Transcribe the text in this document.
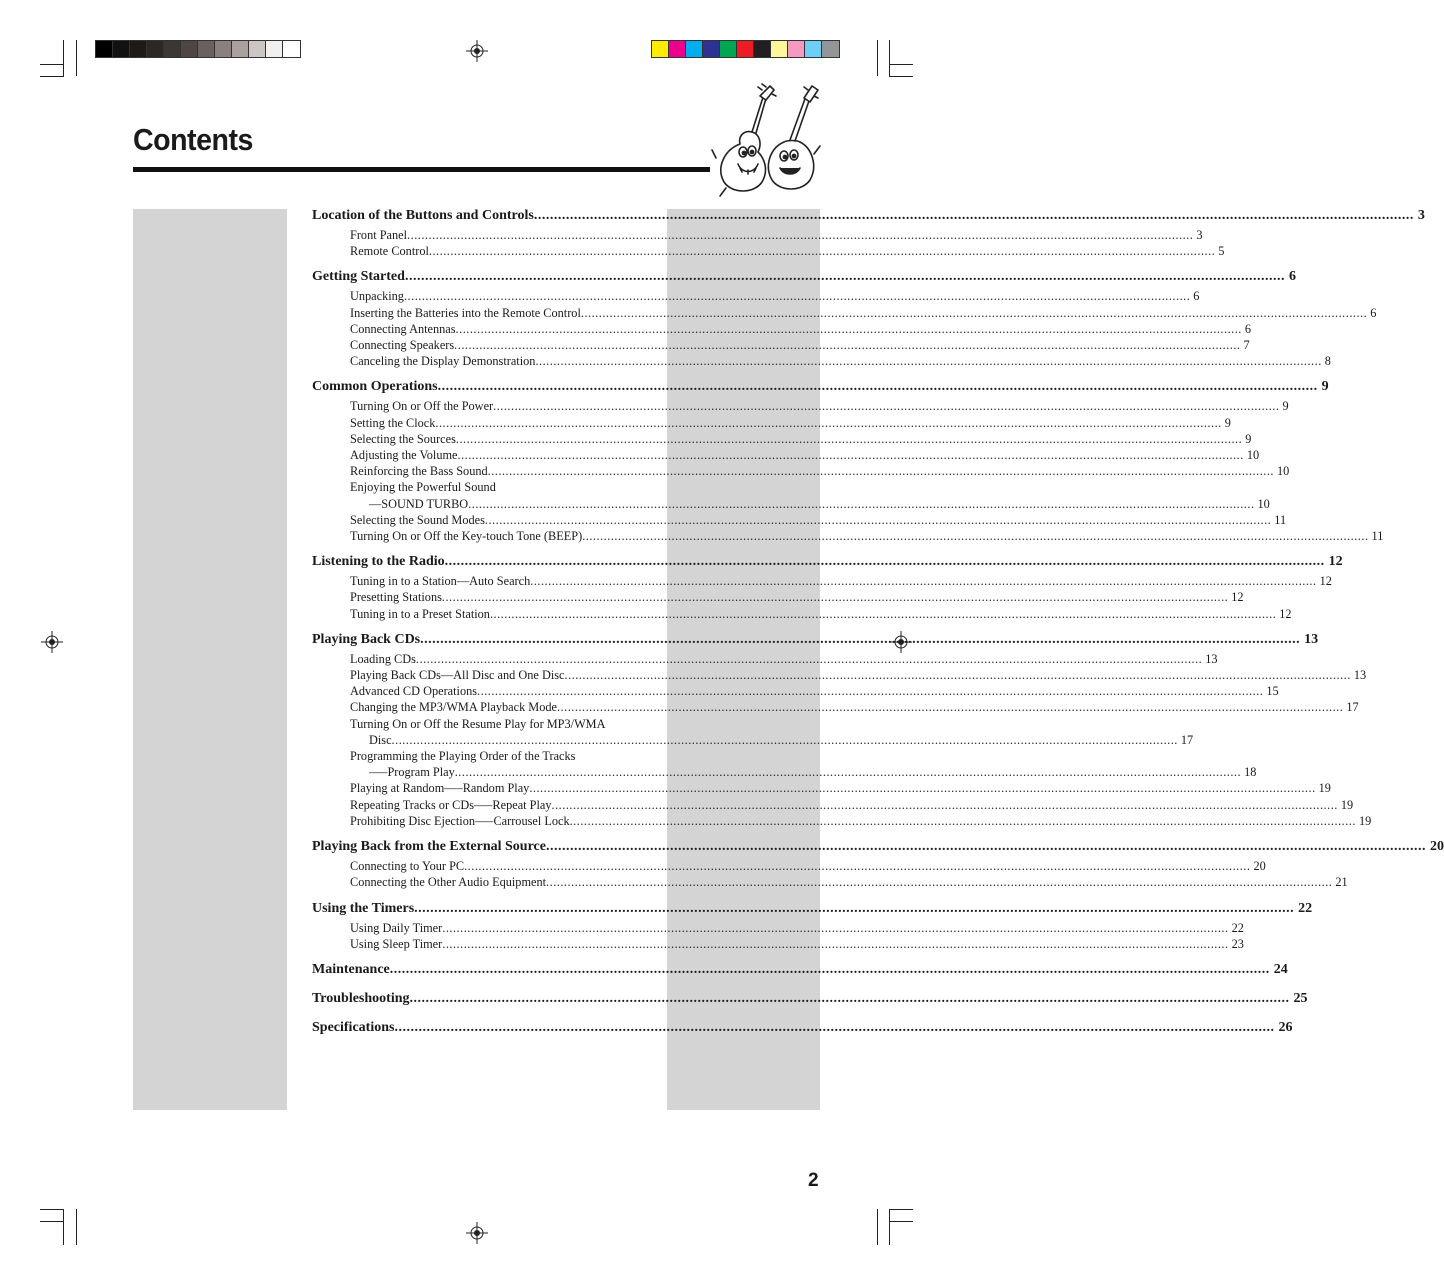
Contents
Location of the Buttons and Controls ............................................................................................................................................................................................................................ 3
Front Panel ............................................................................................................................................................................................................................ 3
Remote Control ............................................................................................................................................................................................................................ 5
Getting Started ............................................................................................................................................................................................................................ 6
Unpacking ............................................................................................................................................................................................................................ 6
Inserting the Batteries into the Remote Control ............................................................................................................................................................................................................................ 6
Connecting Antennas ............................................................................................................................................................................................................................ 6
Connecting Speakers ............................................................................................................................................................................................................................ 7
Canceling the Display Demonstration ............................................................................................................................................................................................................................ 8
Common Operations ............................................................................................................................................................................................................................ 9
Turning On or Off the Power ............................................................................................................................................................................................................................ 9
Setting the Clock ............................................................................................................................................................................................................................ 9
Selecting the Sources ............................................................................................................................................................................................................................ 9
Adjusting the Volume ............................................................................................................................................................................................................................ 10
Reinforcing the Bass Sound ............................................................................................................................................................................................................................ 10
Enjoying the Powerful Sound
—SOUND TURBO ............................................................................................................................................................................................................................ 10
Selecting the Sound Modes ............................................................................................................................................................................................................................ 11
Turning On or Off the Key-touch Tone (BEEP) ............................................................................................................................................................................................................................ 11
Listening to the Radio ............................................................................................................................................................................................................................ 12
Tuning in to a Station—Auto Search ............................................................................................................................................................................................................................ 12
Presetting Stations ............................................................................................................................................................................................................................ 12
Tuning in to a Preset Station ............................................................................................................................................................................................................................ 12
Playing Back CDs ............................................................................................................................................................................................................................ 13
Loading CDs ............................................................................................................................................................................................................................ 13
Playing Back CDs—All Disc and One Disc ............................................................................................................................................................................................................................ 13
Advanced CD Operations ............................................................................................................................................................................................................................ 15
Changing the MP3/WMA Playback Mode ............................................................................................................................................................................................................................ 17
Turning On or Off the Resume Play for MP3/WMA
Disc ............................................................................................................................................................................................................................ 17
Programming the Playing Order of the Tracks
—–Program Play ............................................................................................................................................................................................................................ 18
Playing at Random—–Random Play ............................................................................................................................................................................................................................ 19
Repeating Tracks or CDs—–Repeat Play ............................................................................................................................................................................................................................ 19
Prohibiting Disc Ejection—–Carrousel Lock ............................................................................................................................................................................................................................ 19
Playing Back from the External Source ............................................................................................................................................................................................................................ 20
Connecting to Your PC ............................................................................................................................................................................................................................ 20
Connecting the Other Audio Equipment ............................................................................................................................................................................................................................ 21
Using the Timers ............................................................................................................................................................................................................................ 22
Using Daily Timer ............................................................................................................................................................................................................................ 22
Using Sleep Timer ............................................................................................................................................................................................................................ 23
Maintenance ............................................................................................................................................................................................................................ 24
Troubleshooting ............................................................................................................................................................................................................................ 25
Specifications ............................................................................................................................................................................................................................ 26
2
